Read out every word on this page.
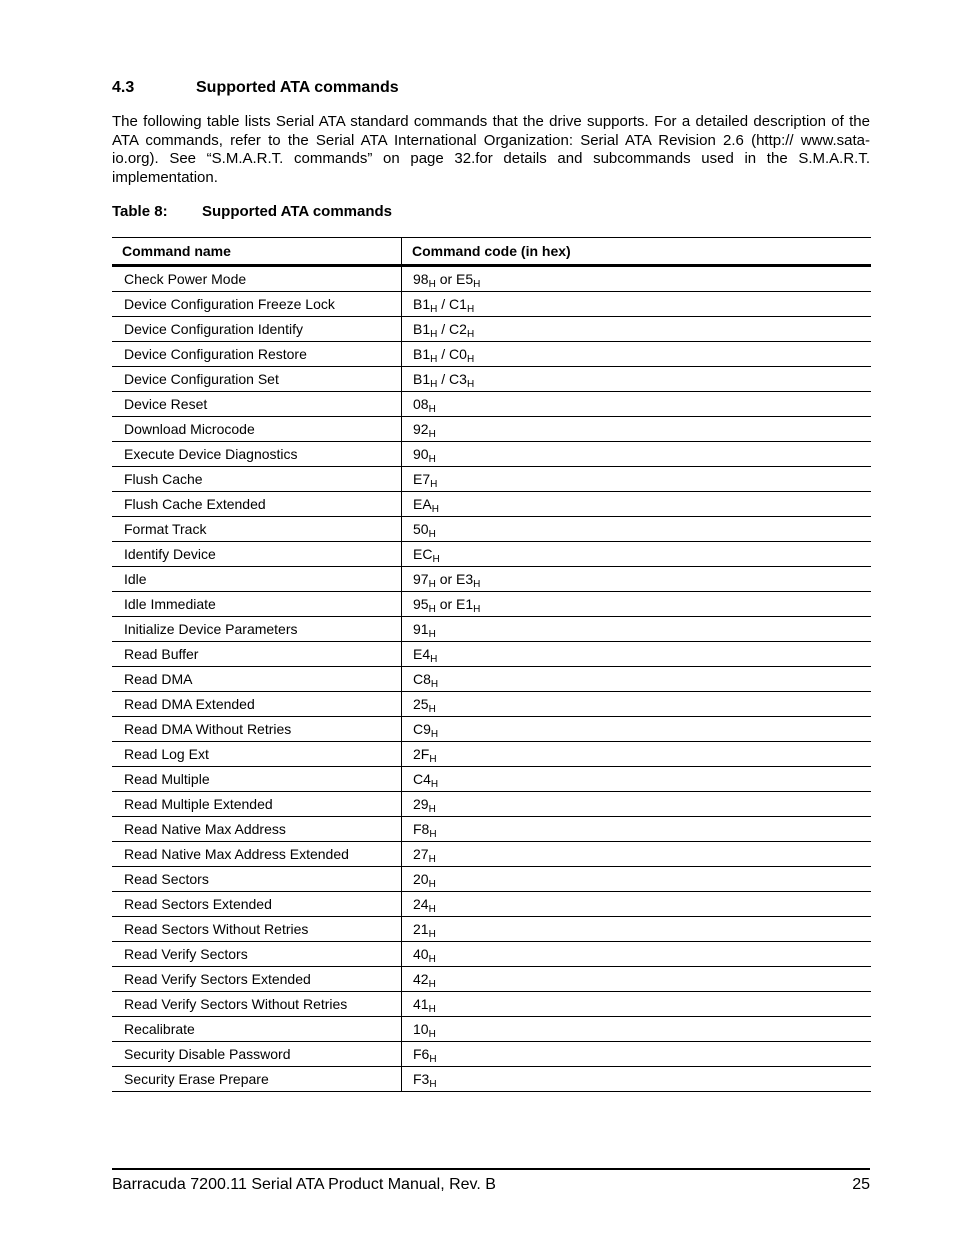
4.3	Supported ATA commands

The following table lists Serial ATA standard commands that the drive supports. For a detailed description of the ATA commands, refer to the Serial ATA International Organization: Serial ATA Revision 2.6 (http:// www.sata-io.org). See “S.M.A.R.T. commands” on page 32.for details and subcommands used in the S.M.A.R.T. implementation.

Table 8: Supported ATA commands
Command name	Command code (in hex)
Check Power Mode	$98_H$ or $E5_H$
Device Configuration Freeze Lock	$B1_H / C1_H$
Device Configuration Identify	$B1_H / C2_H$
Device Configuration Restore	$B1_H / C0_H$
Device Configuration Set	$B1_H / C3_H$
Device Reset	$08_H$
Download Microcode	$92_H$
Execute Device Diagnostics	$90_H$
Flush Cache	$E7_H$
Flush Cache Extended	$EA_H$
Format Track	$50_H$
Identify Device	$EC_H$
Idle	$97_H$ or $E3_H$
Idle Immediate	$95_H$ or $E1_H$
Initialize Device Parameters	$91_H$
Read Buffer	$E4_H$
Read DMA	$C8_H$
Read DMA Extended	$25_H$
Read DMA Without Retries	$C9_H$
Read Log Ext	$2F_H$
Read Multiple	$C4_H$
Read Multiple Extended	$29_H$
Read Native Max Address	$F8_H$
Read Native Max Address Extended	$27_H$
Read Sectors	$20_H$
Read Sectors Extended	$24_H$
Read Sectors Without Retries	$21_H$
Read Verify Sectors	$40_H$
Read Verify Sectors Extended	$42_H$
Read Verify Sectors Without Retries	$41_H$
Recalibrate	$10_H$
Security Disable Password	$F6_H$
Security Erase Prepare	$F3_H$
Barracuda 7200.11 Serial ATA Product Manual, Rev. B	25
